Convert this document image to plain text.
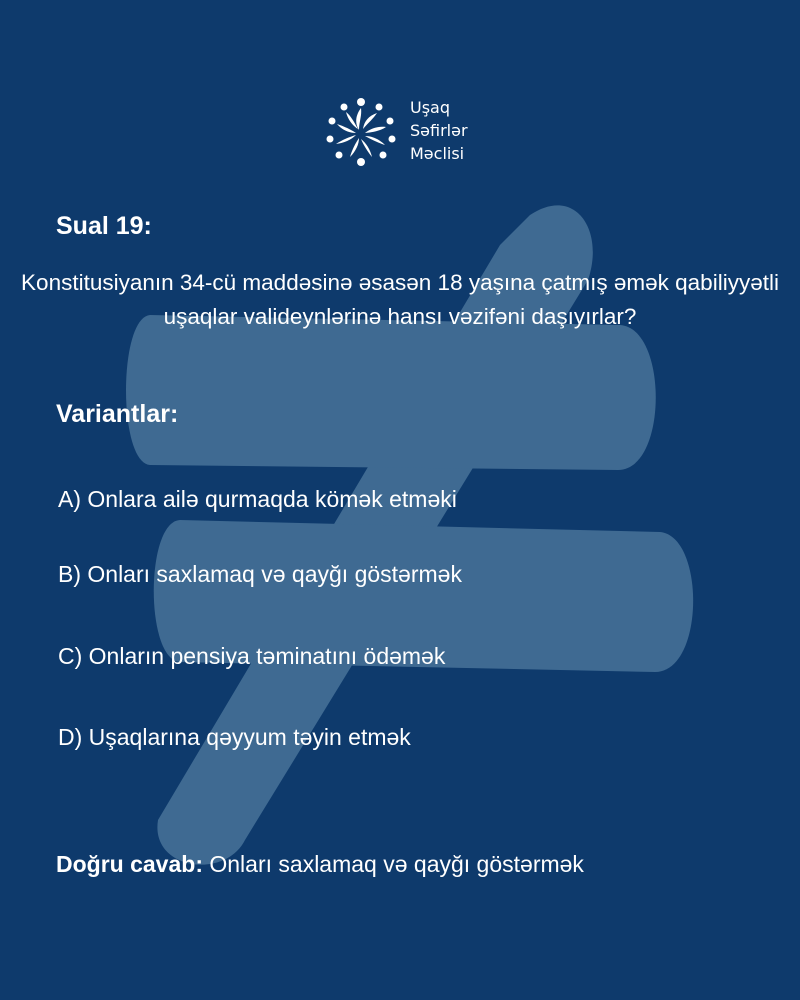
Uşaq
Səfirlər
Məclisi
Sual 19:
Konstitusiyanın 34-cü maddəsinə əsasən 18 yaşına çatmış əmək qabiliyyətli uşaqlar valideynlərinə hansı vəzifəni daşıyırlar?
Variantlar:
A) Onlara ailə qurmaqda kömək etməki
B) Onları saxlamaq və qayğı göstərmək
C) Onların pensiya təminatını ödəmək
D) Uşaqlarına qəyyum təyin etmək
Doğru cavab: Onları saxlamaq və qayğı göstərmək
